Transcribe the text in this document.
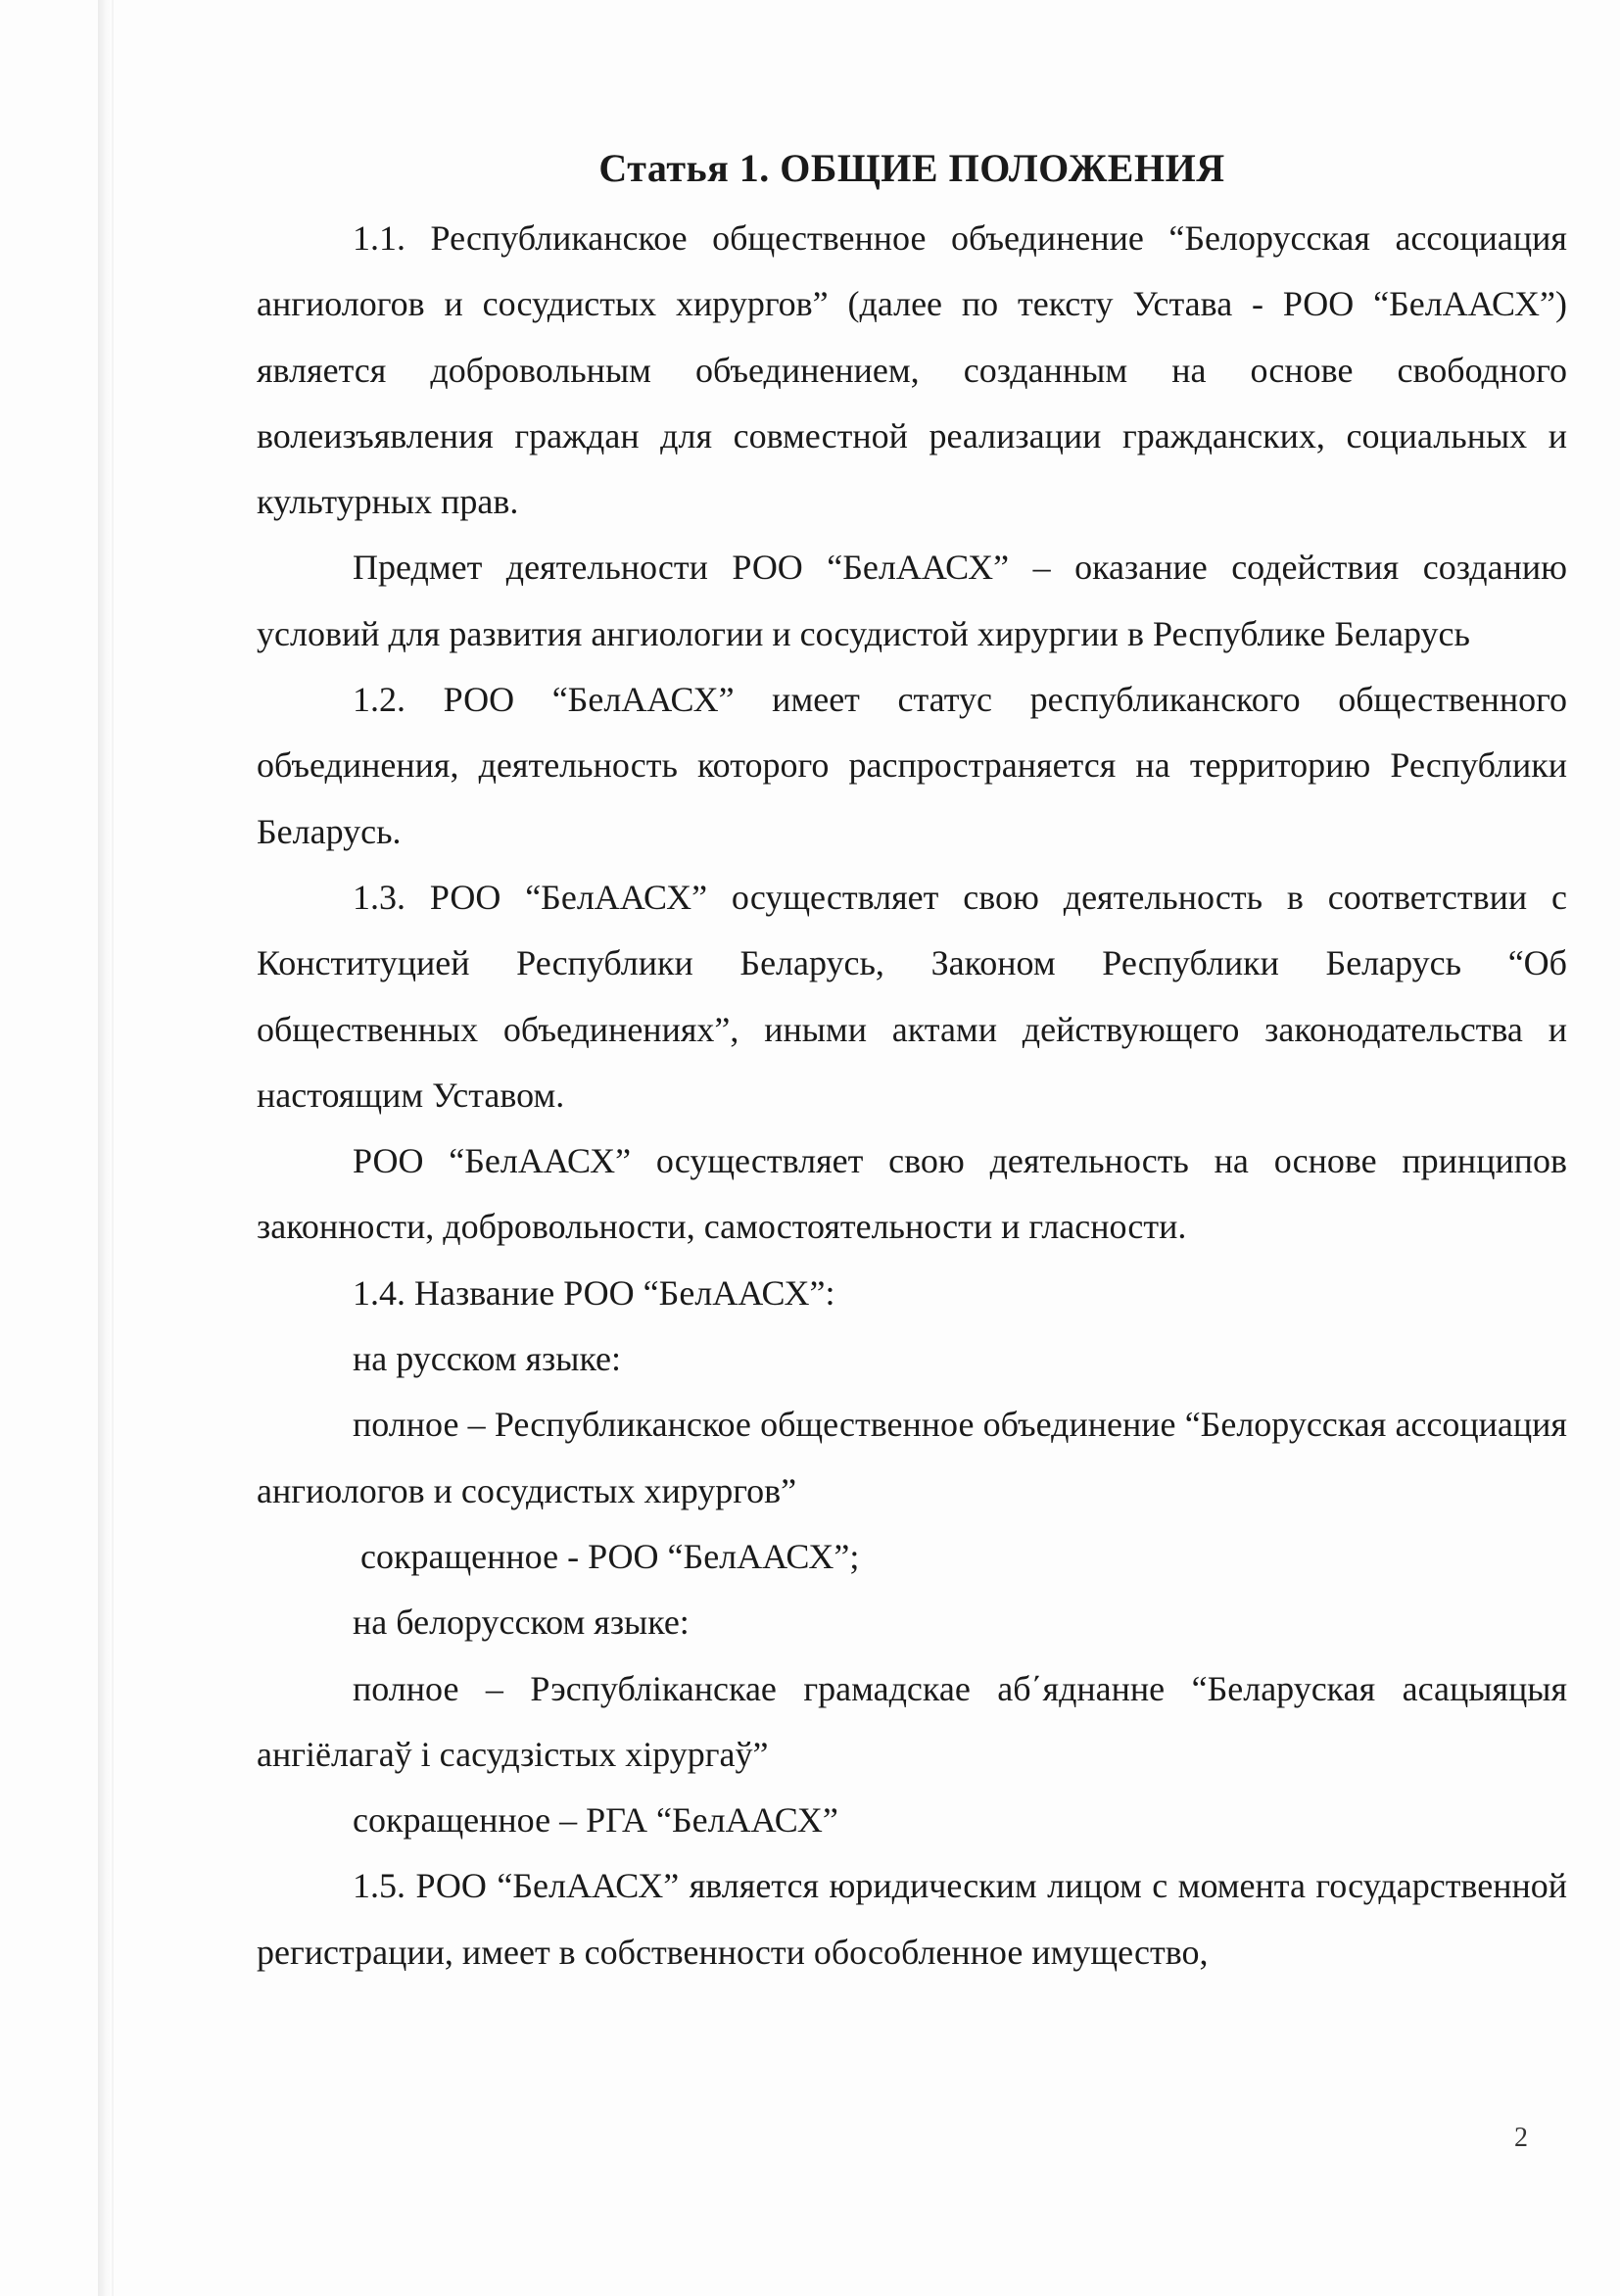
Статья 1. ОБЩИЕ ПОЛОЖЕНИЯ

1.1. Республиканское общественное объединение “Белорусская ассоциация ангиологов и сосудистых хирургов” (далее по тексту Устава - РОО “БелААСХ”) является добровольным объединением, созданным на основе свободного волеизъявления граждан для совместной реализации гражданских, социальных и культурных прав.

Предмет деятельности РОО “БелААСХ” – оказание содействия созданию условий для развития ангиологии и сосудистой хирургии в Республике Беларусь

1.2. РОО “БелААСХ” имеет статус республиканского общественного объединения, деятельность которого распространяется на территорию Республики Беларусь.

1.3. РОО “БелААСХ” осуществляет свою деятельность в соответствии с Конституцией Республики Беларусь, Законом Республики Беларусь “Об общественных объединениях”, иными актами действующего законодательства и настоящим Уставом.

РОО “БелААСХ” осуществляет свою деятельность на основе принципов законности, добровольности, самостоятельности и гласности.

1.4. Название РОО “БелААСХ”:

на русском языке:

полное – Республиканское общественное объединение “Белорусская ассоциация ангиологов и сосудистых хирургов”

сокращенное - РОО “БелААСХ”;

на белорусском языке:

полное – Рэспубліканскае грамадскае аб΄яднанне “Беларуская асацыяцыя ангіёлагаў і сасудзістых хірургаў”

сокращенное – РГА “БелААСХ”

1.5. РОО “БелААСХ” является юридическим лицом с момента государственной регистрации, имеет в собственности обособленное имущество,

2
